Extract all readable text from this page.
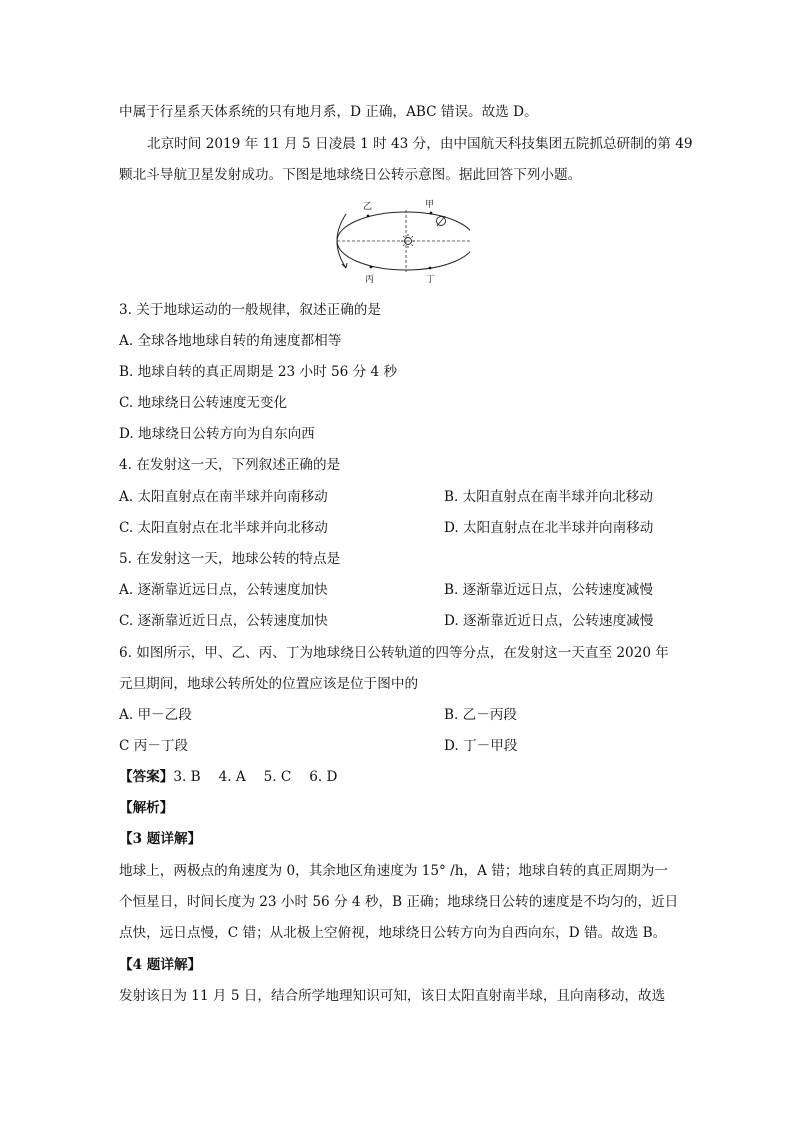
中属于行星系天体系统的只有地月系，D 正确，ABC 错误。故选 D。
北京时间 2019 年 11 月 5 日凌晨 1 时 43 分，由中国航天科技集团五院抓总研制的第 49
颗北斗导航卫星发射成功。下图是地球绕日公转示意图。据此回答下列小题。
乙	甲
丙	丁
3. 关于地球运动的一般规律，叙述正确的是
A. 全球各地地球自转的角速度都相等
B. 地球自转的真正周期是 23 小时 56 分 4 秒
C. 地球绕日公转速度无变化
D. 地球绕日公转方向为自东向西
4. 在发射这一天，下列叙述正确的是
A. 太阳直射点在南半球并向南移动	B. 太阳直射点在南半球并向北移动
C. 太阳直射点在北半球并向北移动	D. 太阳直射点在北半球并向南移动
5. 在发射这一天，地球公转的特点是
A. 逐渐靠近远日点，公转速度加快	B. 逐渐靠近远日点，公转速度减慢
C. 逐渐靠近近日点，公转速度加快	D. 逐渐靠近近日点，公转速度减慢
6. 如图所示，甲、乙、丙、丁为地球绕日公转轨道的四等分点，在发射这一天直至 2020 年
元旦期间，地球公转所处的位置应该是位于图中的
A. 甲－乙段	B. 乙－丙段
C 丙－丁段	D. 丁－甲段
【答案】3. B　 4. A　 5. C　 6. D
【解析】
【3 题详解】
地球上，两极点的角速度为 0，其余地区角速度为 15° /h，A 错；地球自转的真正周期为一
个恒星日，时间长度为 23 小时 56 分 4 秒，B 正确；地球绕日公转的速度是不均匀的，近日
点快，远日点慢，C 错；从北极上空俯视，地球绕日公转方向为自西向东，D 错。故选 B。
【4 题详解】
发射该日为 11 月 5 日，结合所学地理知识可知，该日太阳直射南半球，且向南移动，故选
